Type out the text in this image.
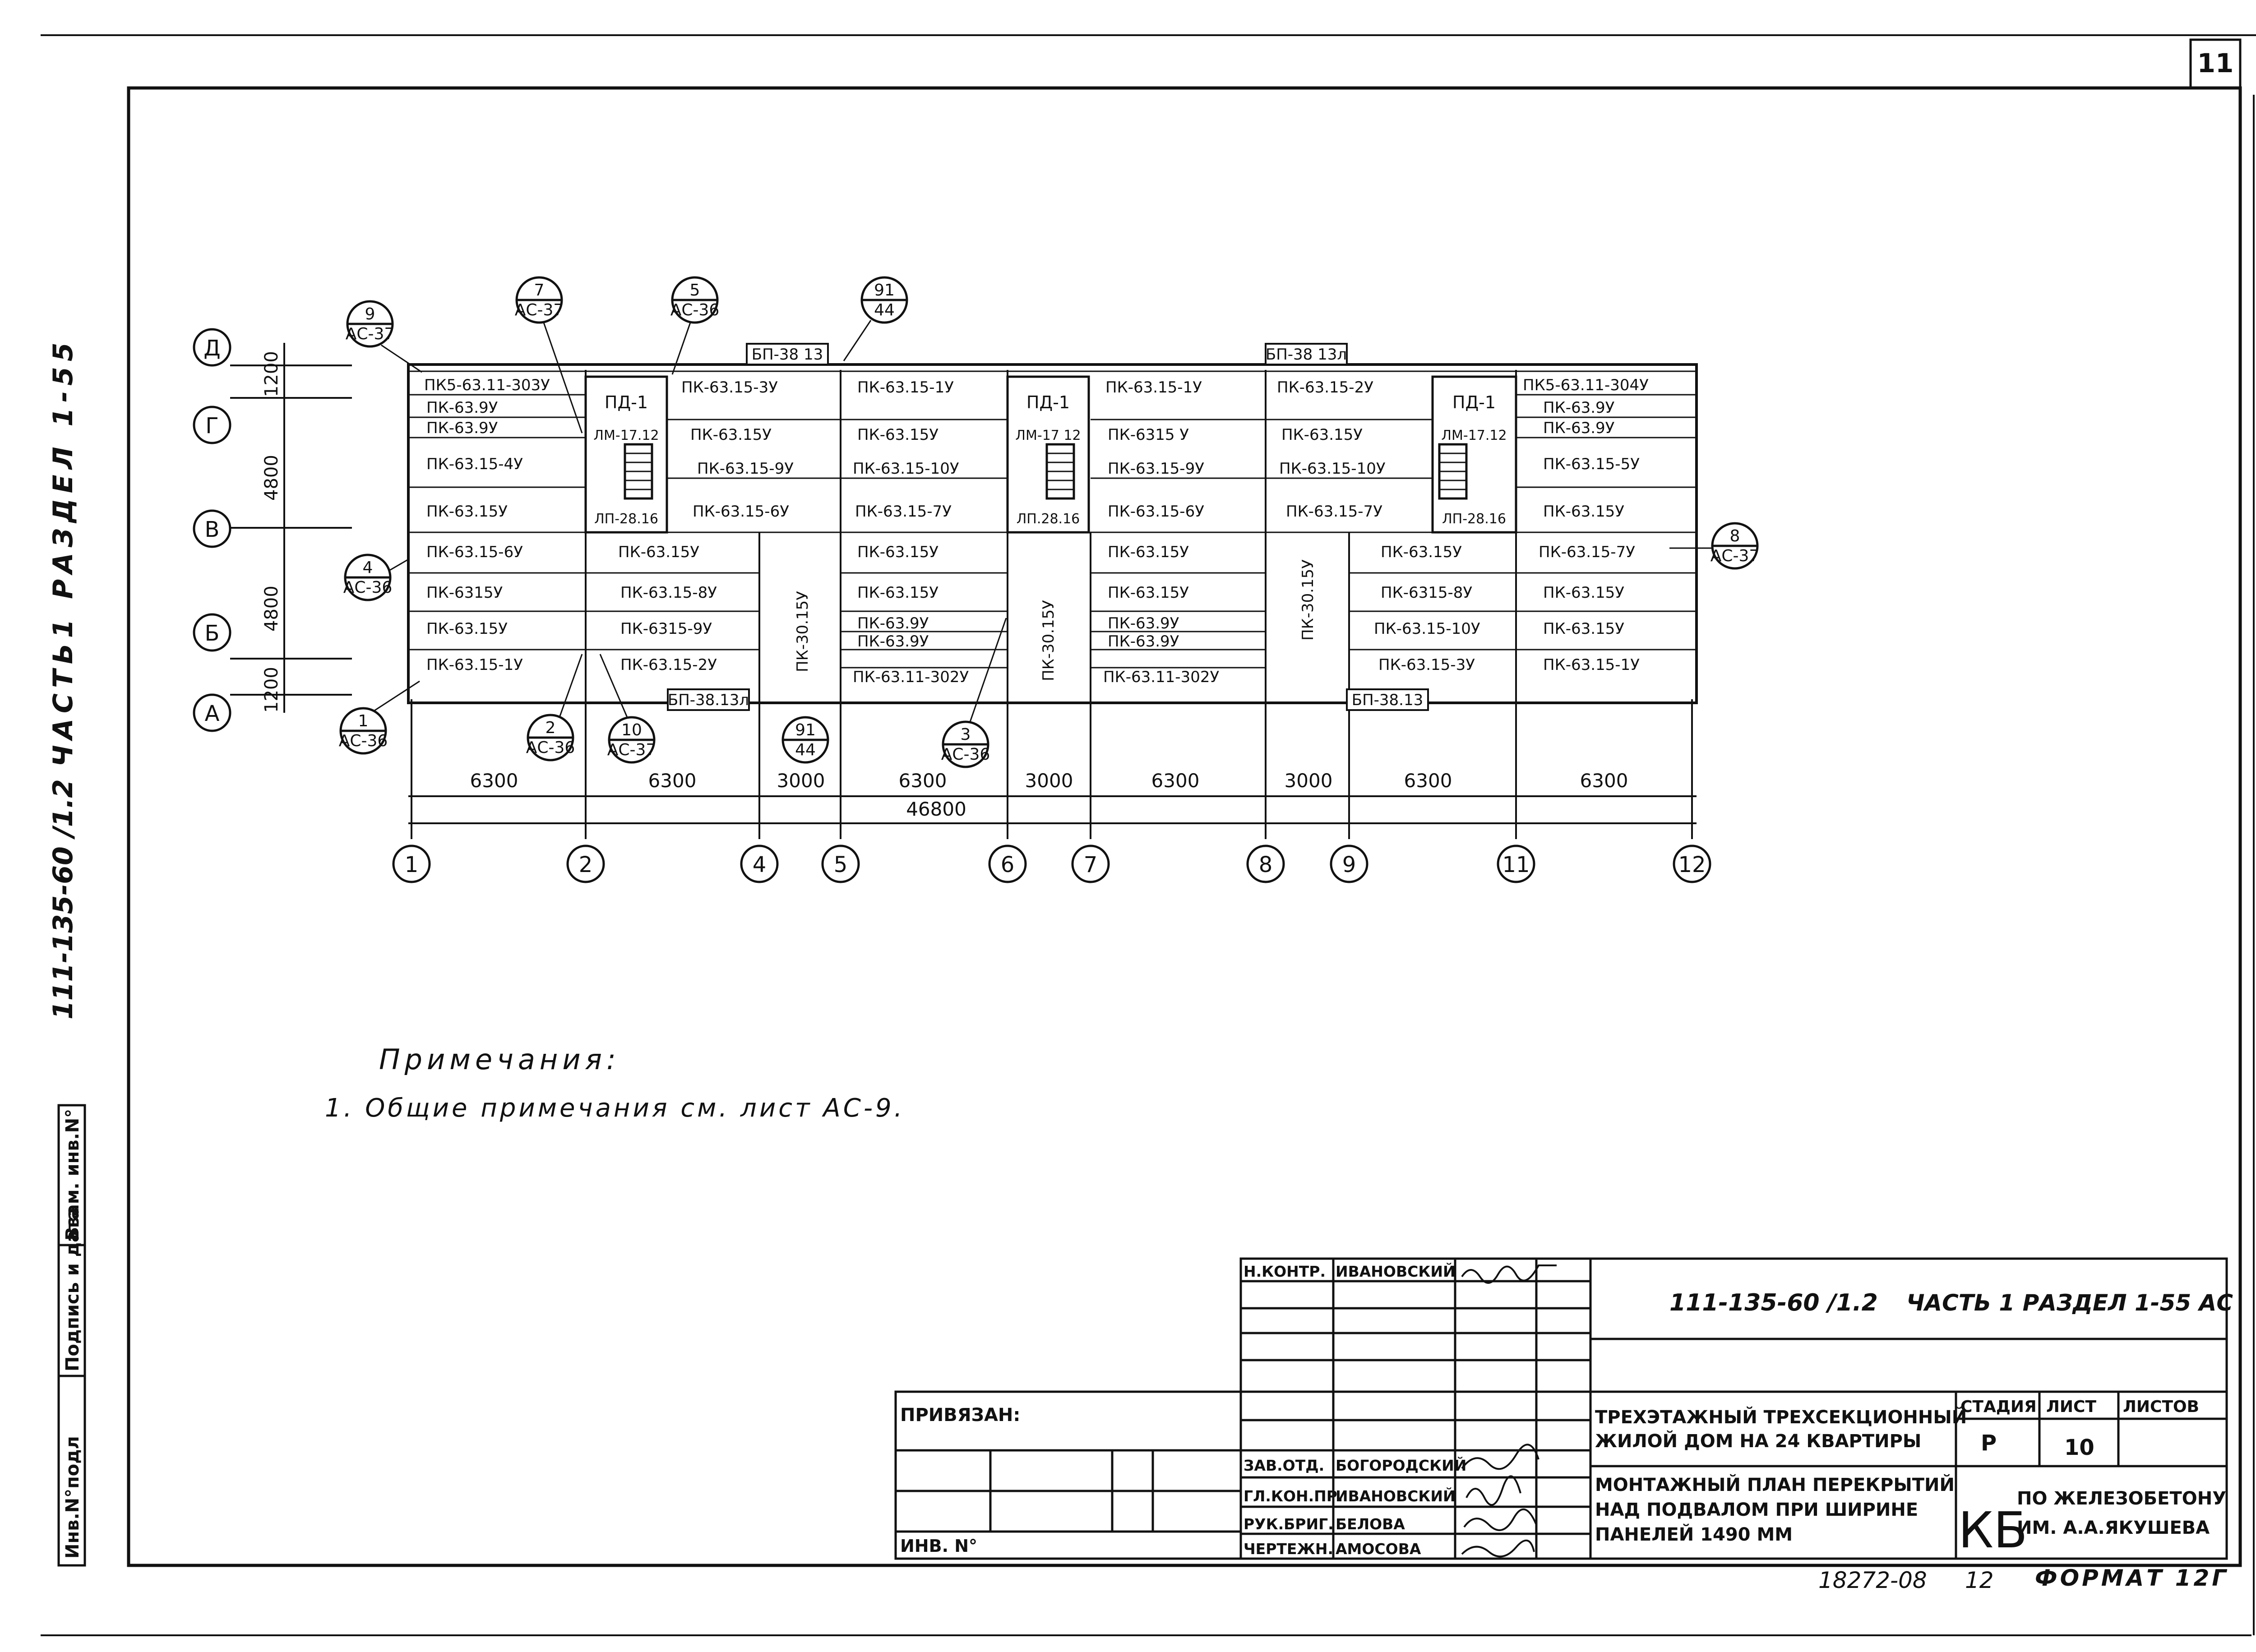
11
111-135-60 /1.2
ЧАСТЬ1 РАЗДЕЛ 1-55
Инв.N°подл
Подпись и дата
Взам. инв.N°
Д
Г
В
Б
А
1200
4800
4800
1200
6300	6300	3000	6300	3000	6300	3000	6300	6300
46800
1	2	4	5	6	7	8	9	11	12
9
АС-37
7
АС-37
5
АС-36
91
44
8
АС-37
4
АС-36
1
АС-36
2
АС-36
10
АС-37
91
44
3
АС-36
БП-38 13	БП-38 13л
БП-38.13л	БП-38.13
ПД-1	ПД-1	ПД-1
ЛМ-17.12	ЛМ-17 12	ЛМ-17.12
ЛП-28.16	ЛП.28.16	ЛП-28.16
ПК5-63.11-303У
ПК-63.9У
ПК-63.9У
ПК-63.15-4У
ПК-63.15У
ПК-63.15-6У
ПК-6315У
ПК-63.15У
ПК-63.15-1У
ПК-63.15-3У
ПК-63.15У
ПК-63.15-9У
ПК-63.15-6У
ПК-63.15У
ПК-63.15-8У
ПК-6315-9У
ПК-63.15-2У
ПК-63.15-1У
ПК-63.15У
ПК-63.15-10У
ПК-63.15-7У
ПК-63.15У
ПК-63.15У
ПК-63.9У
ПК-63.9У
ПК-63.11-302У
ПК-63.15-1У
ПК-6315 У
ПК-63.15-9У
ПК-63.15-6У
ПК-63.15У
ПК-63.15У
ПК-63.9У
ПК-63.9У
ПК-63.11-302У
ПК-63.15-2У
ПК-63.15У
ПК-63.15-10У
ПК-63.15-7У
ПК-63.15У
ПК-6315-8У
ПК-63.15-10У
ПК-63.15-3У
ПК5-63.11-304У
ПК-63.9У
ПК-63.9У
ПК-63.15-5У
ПК-63.15У
ПК-63.15-7У
ПК-63.15У
ПК-63.15У
ПК-63.15-1У
ПК-30.15У	ПК-30.15У	ПК-30.15У
Примечания:
1. Общие примечания см. лист АС-9.
ПРИВЯЗАН:
ИНВ. N°
Н.КОНТР. ИВАНОВСКИЙ
ЗАВ.ОТД. БОГОРОДСКИЙ
ГЛ.КОН.ПР.
ИВАНОВСКИЙ
РУК.БРИГ. БЕЛОВА
ЧЕРТЕЖН. АМОСОВА
111-135-60 /1.2 ЧАСТЬ 1 РАЗДЕЛ 1-55 АС
ТРЕХЭТАЖНЫЙ ТРЕХСЕКЦИОННЫЙ
ЖИЛОЙ ДОМ НА 24 КВАРТИРЫ
МОНТАЖНЫЙ ПЛАН ПЕРЕКРЫТИЙ
НАД ПОДВАЛОМ ПРИ ШИРИНЕ
ПАНЕЛЕЙ 1490 ММ
СТАДИЯ
Р
ЛИСТ
10
ЛИСТОВ
КБ
ПО ЖЕЛЕЗОБЕТОНУ
ИМ. А.А.ЯКУШЕВА
18272-08 12 ФОРМАТ 12Г
